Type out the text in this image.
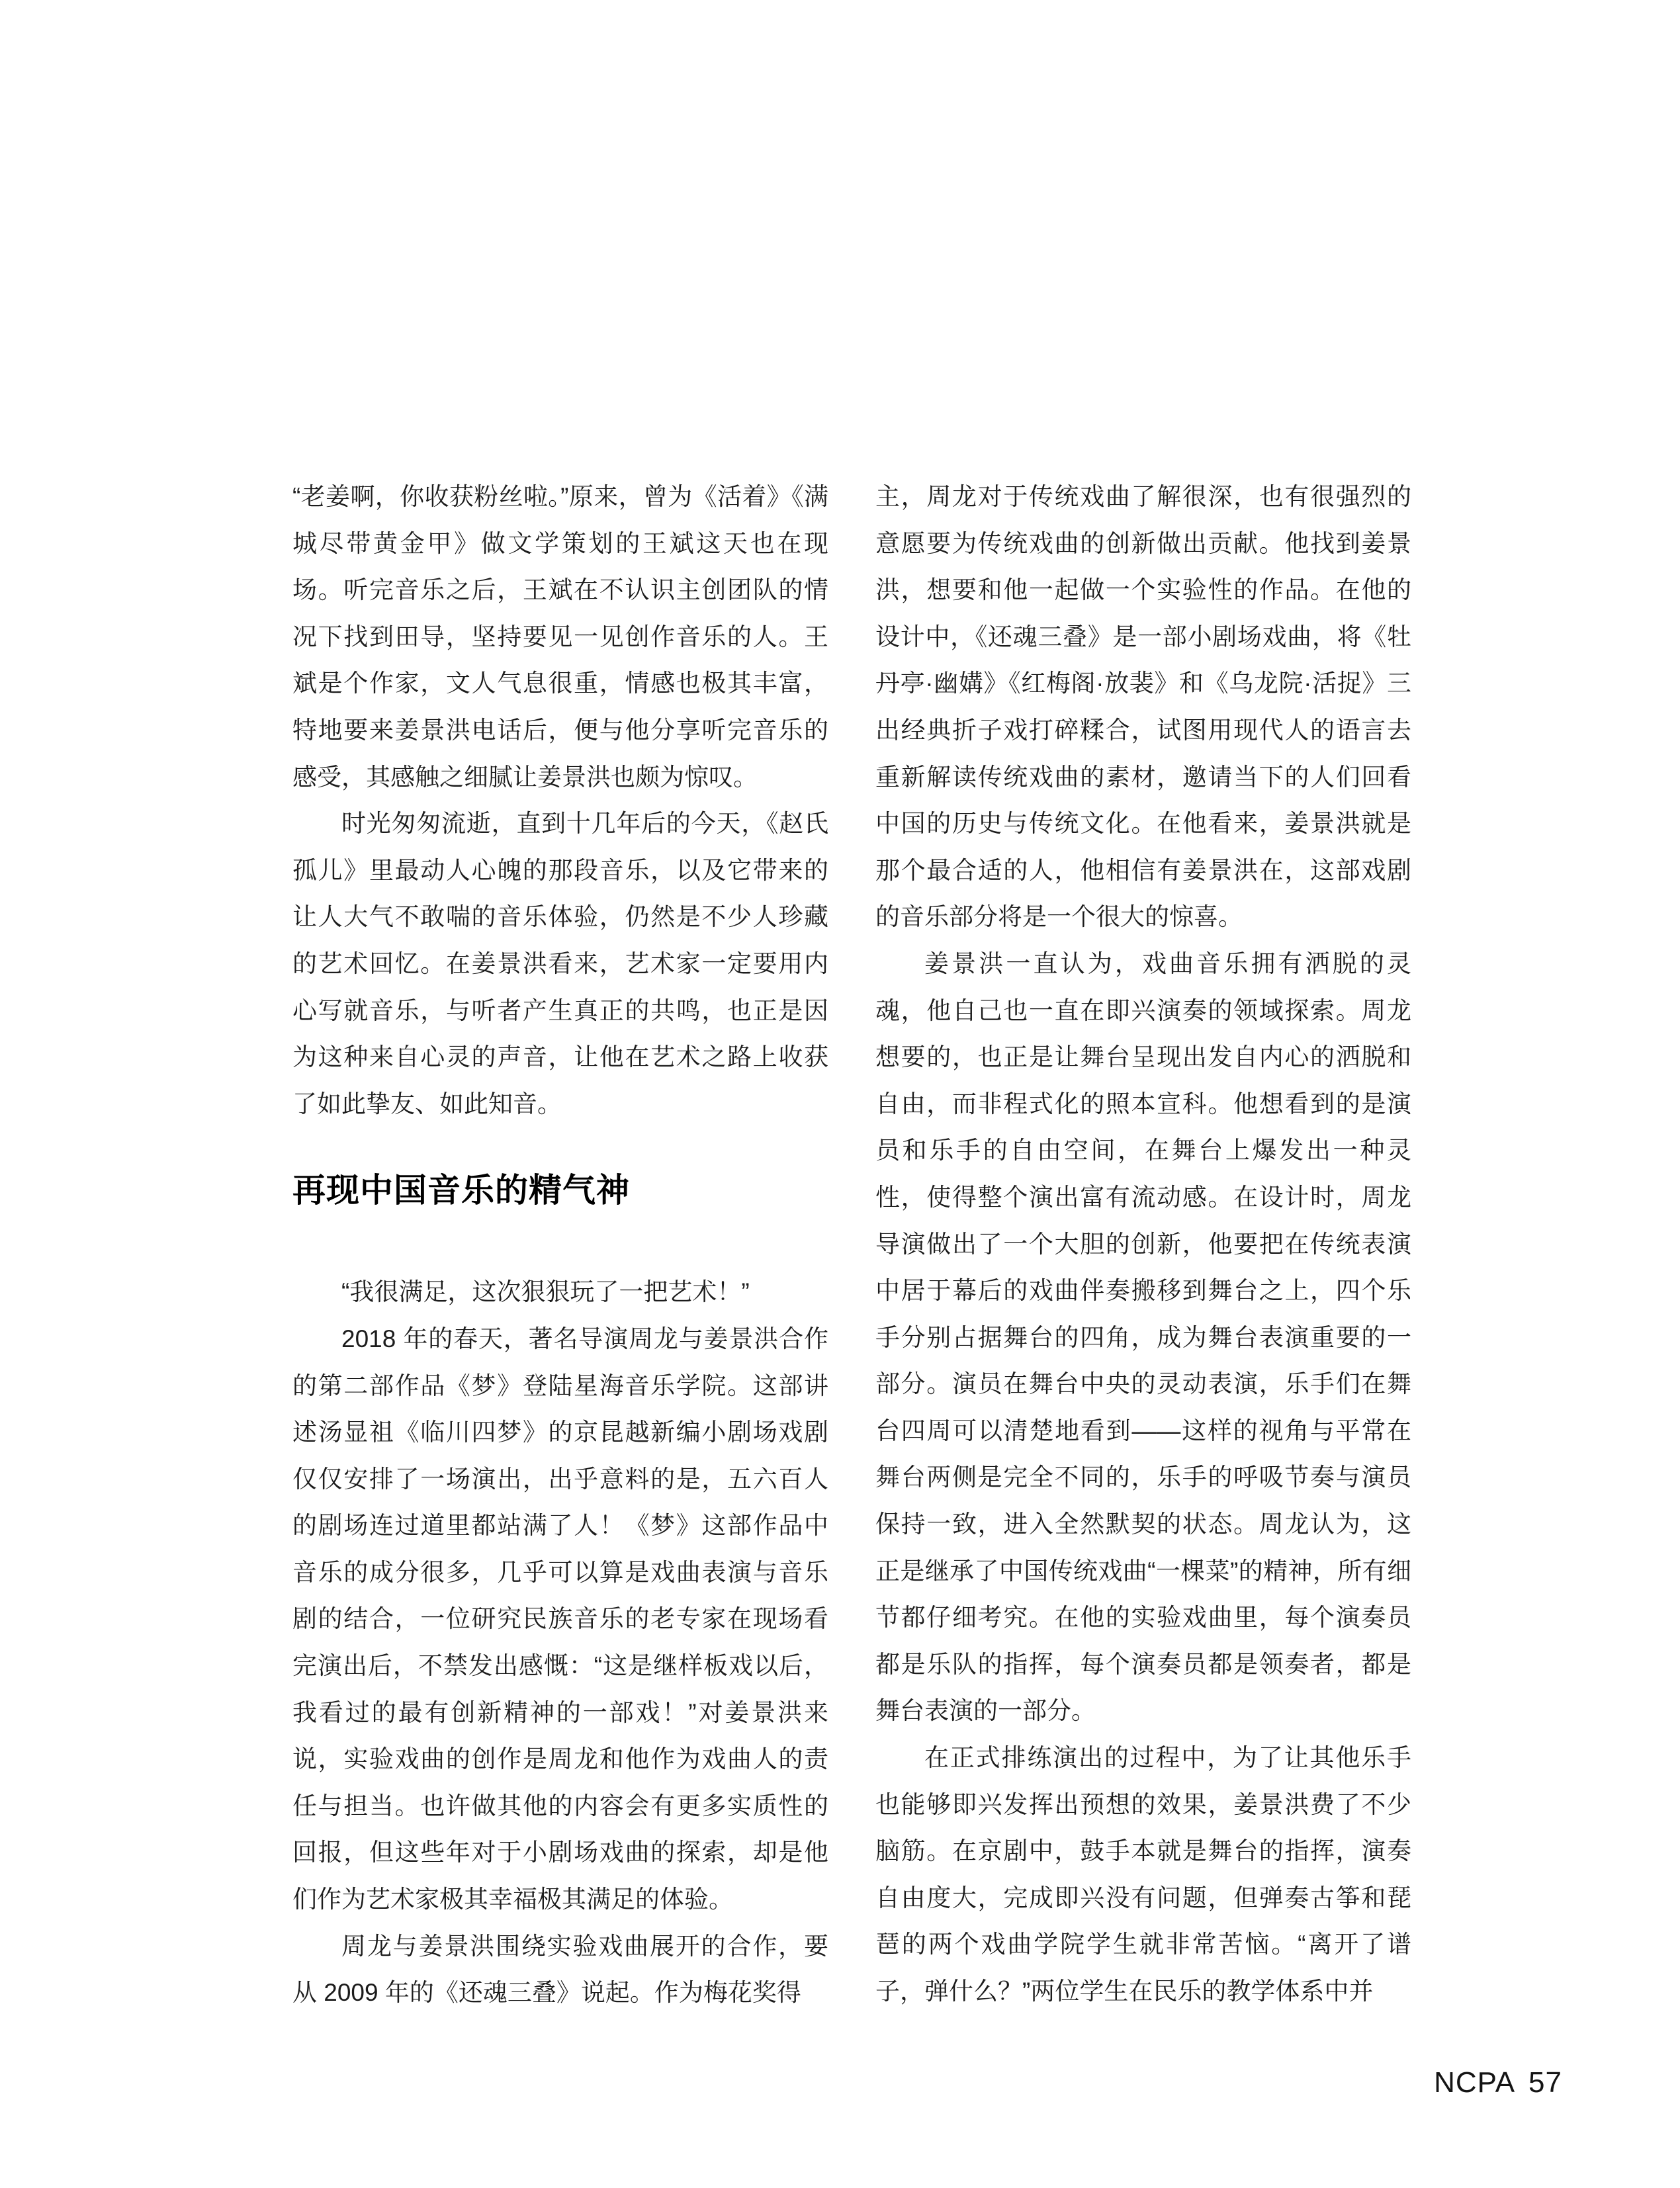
“老姜啊，你收获粉丝啦。”原来，曾为《活着》《满城尽带黄金甲》做文学策划的王斌这天也在现场。听完音乐之后，王斌在不认识主创团队的情况下找到田导，坚持要见一见创作音乐的人。王斌是个作家，文人气息很重，情感也极其丰富，特地要来姜景洪电话后，便与他分享听完音乐的感受，其感触之细腻让姜景洪也颇为惊叹。

时光匆匆流逝，直到十几年后的今天，《赵氏孤儿》里最动人心魄的那段音乐，以及它带来的让人大气不敢喘的音乐体验，仍然是不少人珍藏的艺术回忆。在姜景洪看来，艺术家一定要用内心写就音乐，与听者产生真正的共鸣，也正是因为这种来自心灵的声音，让他在艺术之路上收获了如此挚友、如此知音。

再现中国音乐的精气神

“我很满足，这次狠狠玩了一把艺术！”

2018 年的春天，著名导演周龙与姜景洪合作的第二部作品《梦》登陆星海音乐学院。这部讲述汤显祖《临川四梦》的京昆越新编小剧场戏剧仅仅安排了一场演出，出乎意料的是，五六百人的剧场连过道里都站满了人！《梦》这部作品中音乐的成分很多，几乎可以算是戏曲表演与音乐剧的结合，一位研究民族音乐的老专家在现场看完演出后，不禁发出感慨：“这是继样板戏以后，我看过的最有创新精神的一部戏！”对姜景洪来说，实验戏曲的创作是周龙和他作为戏曲人的责任与担当。也许做其他的内容会有更多实质性的回报，但这些年对于小剧场戏曲的探索，却是他们作为艺术家极其幸福极其满足的体验。

周龙与姜景洪围绕实验戏曲展开的合作，要从 2009 年的《还魂三叠》说起。作为梅花奖得

主，周龙对于传统戏曲了解很深，也有很强烈的意愿要为传统戏曲的创新做出贡献。他找到姜景洪，想要和他一起做一个实验性的作品。在他的设计中，《还魂三叠》是一部小剧场戏曲，将《牡丹亭·幽媾》《红梅阁·放裴》和《乌龙院·活捉》三出经典折子戏打碎糅合，试图用现代人的语言去重新解读传统戏曲的素材，邀请当下的人们回看中国的历史与传统文化。在他看来，姜景洪就是那个最合适的人，他相信有姜景洪在，这部戏剧的音乐部分将是一个很大的惊喜。

姜景洪一直认为，戏曲音乐拥有洒脱的灵魂，他自己也一直在即兴演奏的领域探索。周龙想要的，也正是让舞台呈现出发自内心的洒脱和自由，而非程式化的照本宣科。他想看到的是演员和乐手的自由空间，在舞台上爆发出一种灵性，使得整个演出富有流动感。在设计时，周龙导演做出了一个大胆的创新，他要把在传统表演中居于幕后的戏曲伴奏搬移到舞台之上，四个乐手分别占据舞台的四角，成为舞台表演重要的一部分。演员在舞台中央的灵动表演，乐手们在舞台四周可以清楚地看到——这样的视角与平常在舞台两侧是完全不同的，乐手的呼吸节奏与演员保持一致，进入全然默契的状态。周龙认为，这正是继承了中国传统戏曲“一棵菜”的精神，所有细节都仔细考究。在他的实验戏曲里，每个演奏员都是乐队的指挥，每个演奏员都是领奏者，都是舞台表演的一部分。

在正式排练演出的过程中，为了让其他乐手也能够即兴发挥出预想的效果，姜景洪费了不少脑筋。在京剧中，鼓手本就是舞台的指挥，演奏自由度大，完成即兴没有问题，但弹奏古筝和琵琶的两个戏曲学院学生就非常苦恼。“离开了谱子，弹什么？”两位学生在民乐的教学体系中并

NCPA 57
